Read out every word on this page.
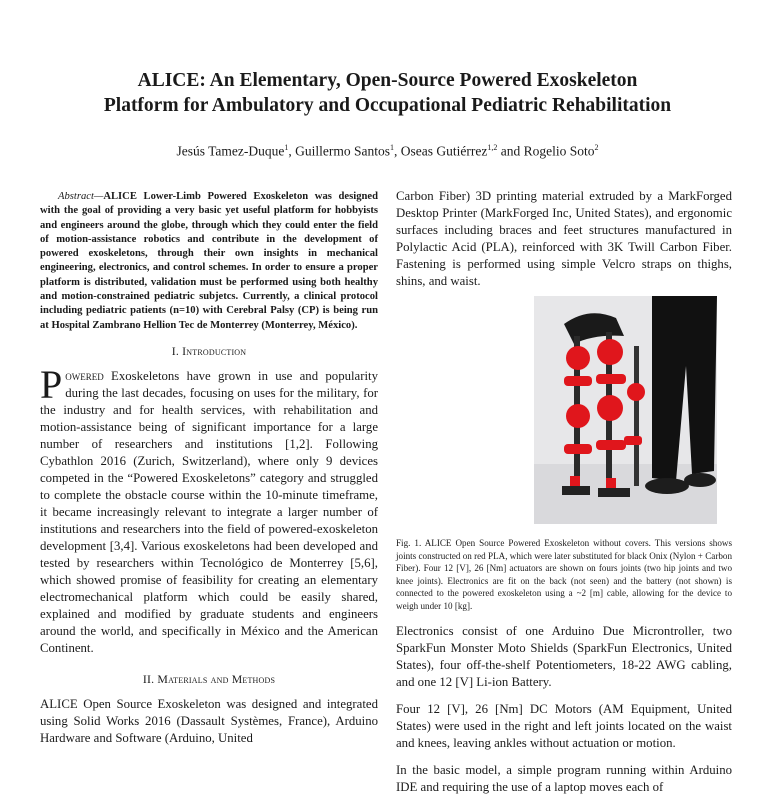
ALICE: An Elementary, Open-Source Powered Exoskeleton
Platform for Ambulatory and Occupational Pediatric Rehabilitation
Jesús Tamez-Duque$^1$, Guillermo Santos$^1$, Oseas Gutiérrez$^{1,2}$ and Rogelio Soto$^2$

Abstract—ALICE Lower-Limb Powered Exoskeleton was designed with the goal of providing a very basic yet useful platform for hobbyists and engineers around the globe, through which they could enter the field of motion-assistance robotics and contribute in the development of powered exoskeletons, through their own insights in mechanical engineering, electronics, and control schemes. In order to ensure a proper platform is distributed, validation must be performed using both healthy and motion-constrained pediatric subjetcs. Currently, a clinical protocol including pediatric patients (n=10) with Cerebral Palsy (CP) is being run at Hospital Zambrano Hellion Tec de Monterrey (Monterrey, México).

I. Introduction

Powered Exoskeletons have grown in use and popularity during the last decades, focusing on uses for the military, for the industry and for health services, with rehabilitation and motion-assistance being of significant importance for a large number of researchers and institutions [1,2]. Following Cybathlon 2016 (Zurich, Switzerland), where only 9 devices competed in the “Powered Exoskeletons” category and struggled to complete the obstacle course within the 10-minute timeframe, it became increasingly relevant to integrate a larger number of institutions and researchers into the field of powered-exoskeleton development [3,4]. Various exoskeletons had been developed and tested by researchers within Tecnológico de Monterrey [5,6], which showed promise of feasibility for creating an elementary electromechanical platform which could be easily shared, explained and modified by graduate students and engineers around the world, and specifically in México and the American Continent.

II. Materials and Methods

ALICE Open Source Exoskeleton was designed and integrated using Solid Works 2016 (Dassault Systèmes, France), Arduino Hardware and Software (Arduino, United

Carbon Fiber) 3D printing material extruded by a MarkForged Desktop Printer (MarkForged Inc, United States), and ergonomic surfaces including braces and feet structures manufactured in Polylactic Acid (PLA), reinforced with 3K Twill Carbon Fiber. Fastening is performed using simple Velcro straps on thighs, shins, and waist.

Fig. 1. ALICE Open Source Powered Exoskeleton without covers. This versions shows joints constructed on red PLA, which were later substituted for black Onix (Nylon + Carbon Fiber). Four 12 [V], 26 [Nm] actuators are shown on fours joints (two hip joints and two knee joints). Electronics are fit on the back (not seen) and the battery (not shown) is connected to the powered exoskeleton using a ~2 [m] cable, allowing for the device to weigh under 10 [kg].

Electronics consist of one Arduino Due Microntroller, two SparkFun Monster Moto Shields (SparkFun Electronics, United States), four off-the-shelf Potentiometers, 18-22 AWG cabling, and one 12 [V] Li-ion Battery.

Four 12 [V], 26 [Nm] DC Motors (AM Equipment, United States) were used in the right and left joints located on the waist and knees, leaving ankles without actuation or motion.

In the basic model, a simple program running within Arduino IDE and requiring the use of a laptop moves each of
